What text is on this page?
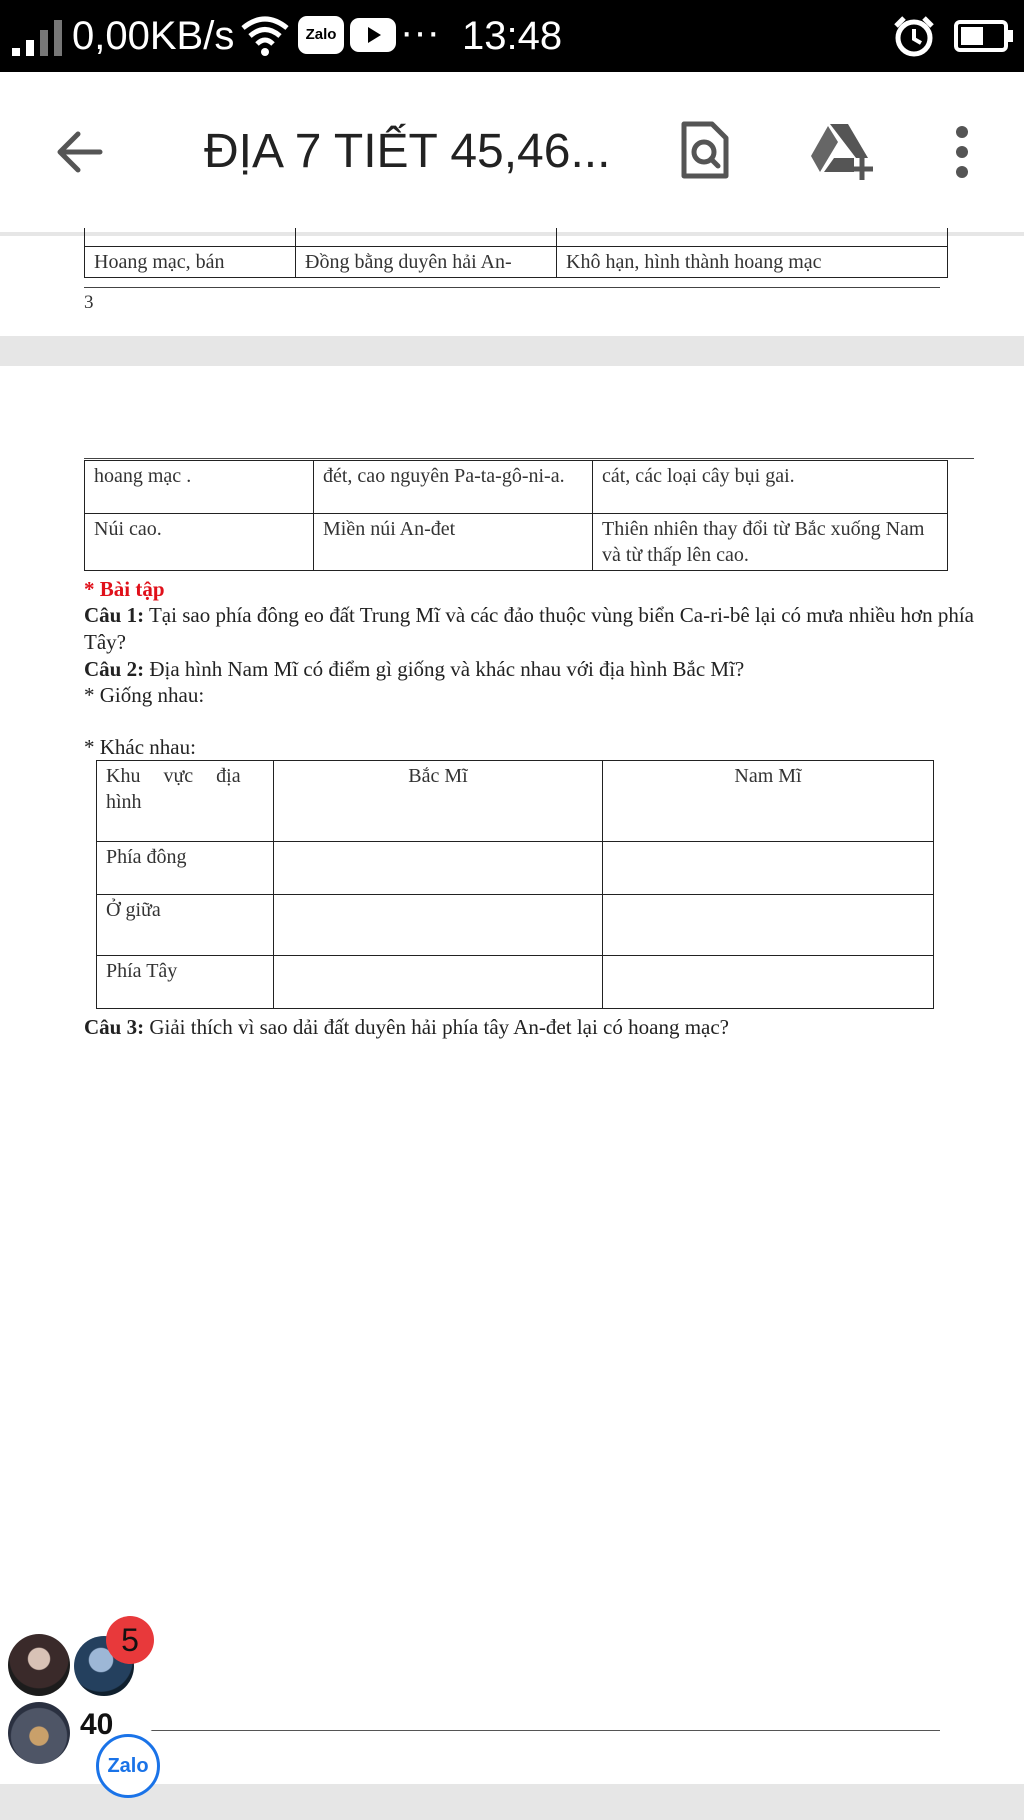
0,00KB/s	Zalo ··· 13:48
ĐỊA 7 TIẾT 45,46...

Hoang mạc, bán	Đồng bằng duyên hải An-	Khô hạn, hình thành hoang mạc
3
hoang mạc .	đét, cao nguyên Pa-ta-gô-ni-a.	cát, các loại cây bụi gai.
Núi cao.	Miền núi An-đet	Thiên nhiên thay đổi từ Bắc xuống Nam và từ thấp lên cao.
* Bài tập
Câu 1: Tại sao phía đông eo đất Trung Mĩ và các đảo thuộc vùng biển Ca-ri-bê lại có mưa nhiều hơn phía Tây?
Câu 2: Địa hình Nam Mĩ có điểm gì giống và khác nhau với địa hình Bắc Mĩ?
* Giống nhau:
* Khác nhau:
Khu vực địa hình	Bắc Mĩ	Nam Mĩ
Phía đông		
Ở giữa		
Phía Tây		
Câu 3: Giải thích vì sao dải đất duyên hải phía tây An-đet lại có hoang mạc?
5
40
Zalo
